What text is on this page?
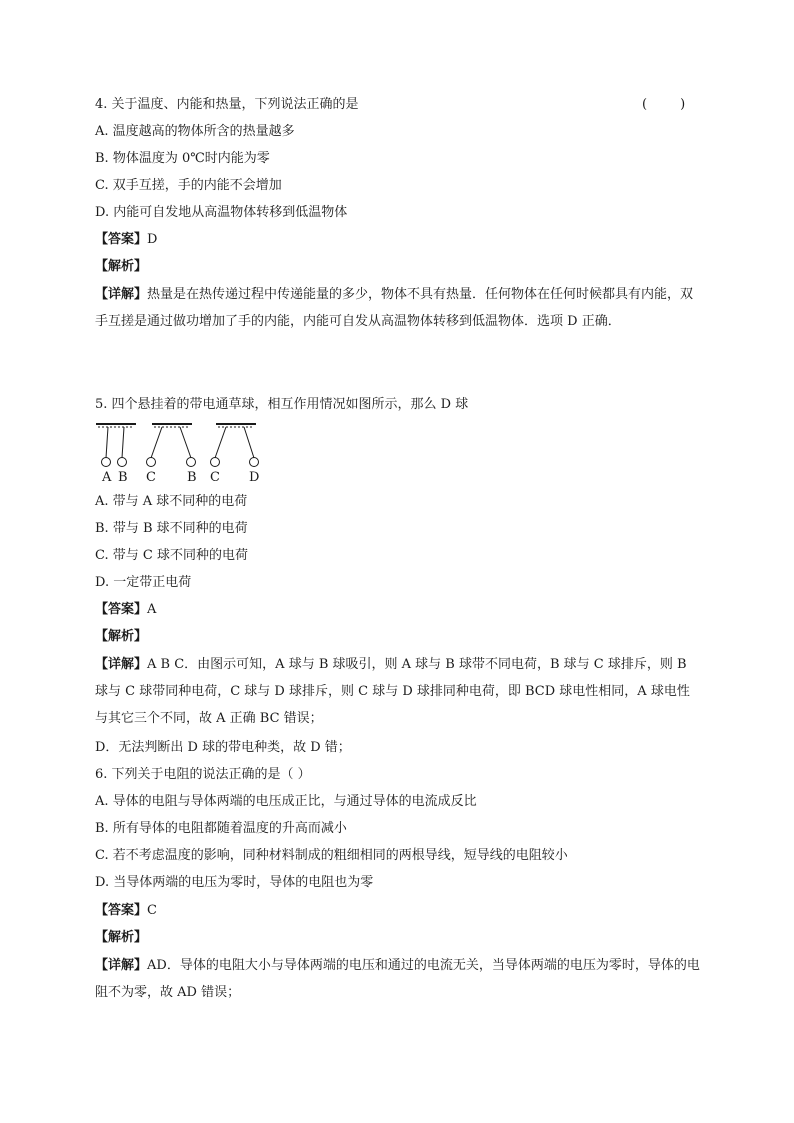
4. 关于温度、内能和热量，下列说法正确的是	(        )
A. 温度越高的物体所含的热量越多
B. 物体温度为 0℃时内能为零
C. 双手互搓，手的内能不会增加
D. 内能可自发地从高温物体转移到低温物体
【答案】D
【解析】
【详解】热量是在热传递过程中传递能量的多少，物体不具有热量．任何物体在任何时候都具有内能，双手互搓是通过做功增加了手的内能，内能可自发从高温物体转移到低温物体．选项 D 正确．
5. 四个悬挂着的带电通草球，相互作用情况如图所示，那么 D 球
A B C B C D
A. 带与 A 球不同种的电荷
B. 带与 B 球不同种的电荷
C. 带与 C 球不同种的电荷
D. 一定带正电荷
【答案】A
【解析】
【详解】A B C．由图示可知，A 球与 B 球吸引，则 A 球与 B 球带不同电荷，B 球与 C 球排斥，则 B 球与 C 球带同种电荷，C 球与 D 球排斥，则 C 球与 D 球排同种电荷，即 BCD 球电性相同，A 球电性与其它三个不同，故 A 正确 BC 错误；
D．无法判断出 D 球的带电种类，故 D 错；
6. 下列关于电阻的说法正确的是（ ）
A. 导体的电阻与导体两端的电压成正比，与通过导体的电流成反比
B. 所有导体的电阻都随着温度的升高而减小
C. 若不考虑温度的影响，同种材料制成的粗细相同的两根导线，短导线的电阻较小
D. 当导体两端的电压为零时，导体的电阻也为零
【答案】C
【解析】
【详解】AD．导体的电阻大小与导体两端的电压和通过的电流无关，当导体两端的电压为零时，导体的电阻不为零，故 AD 错误；
